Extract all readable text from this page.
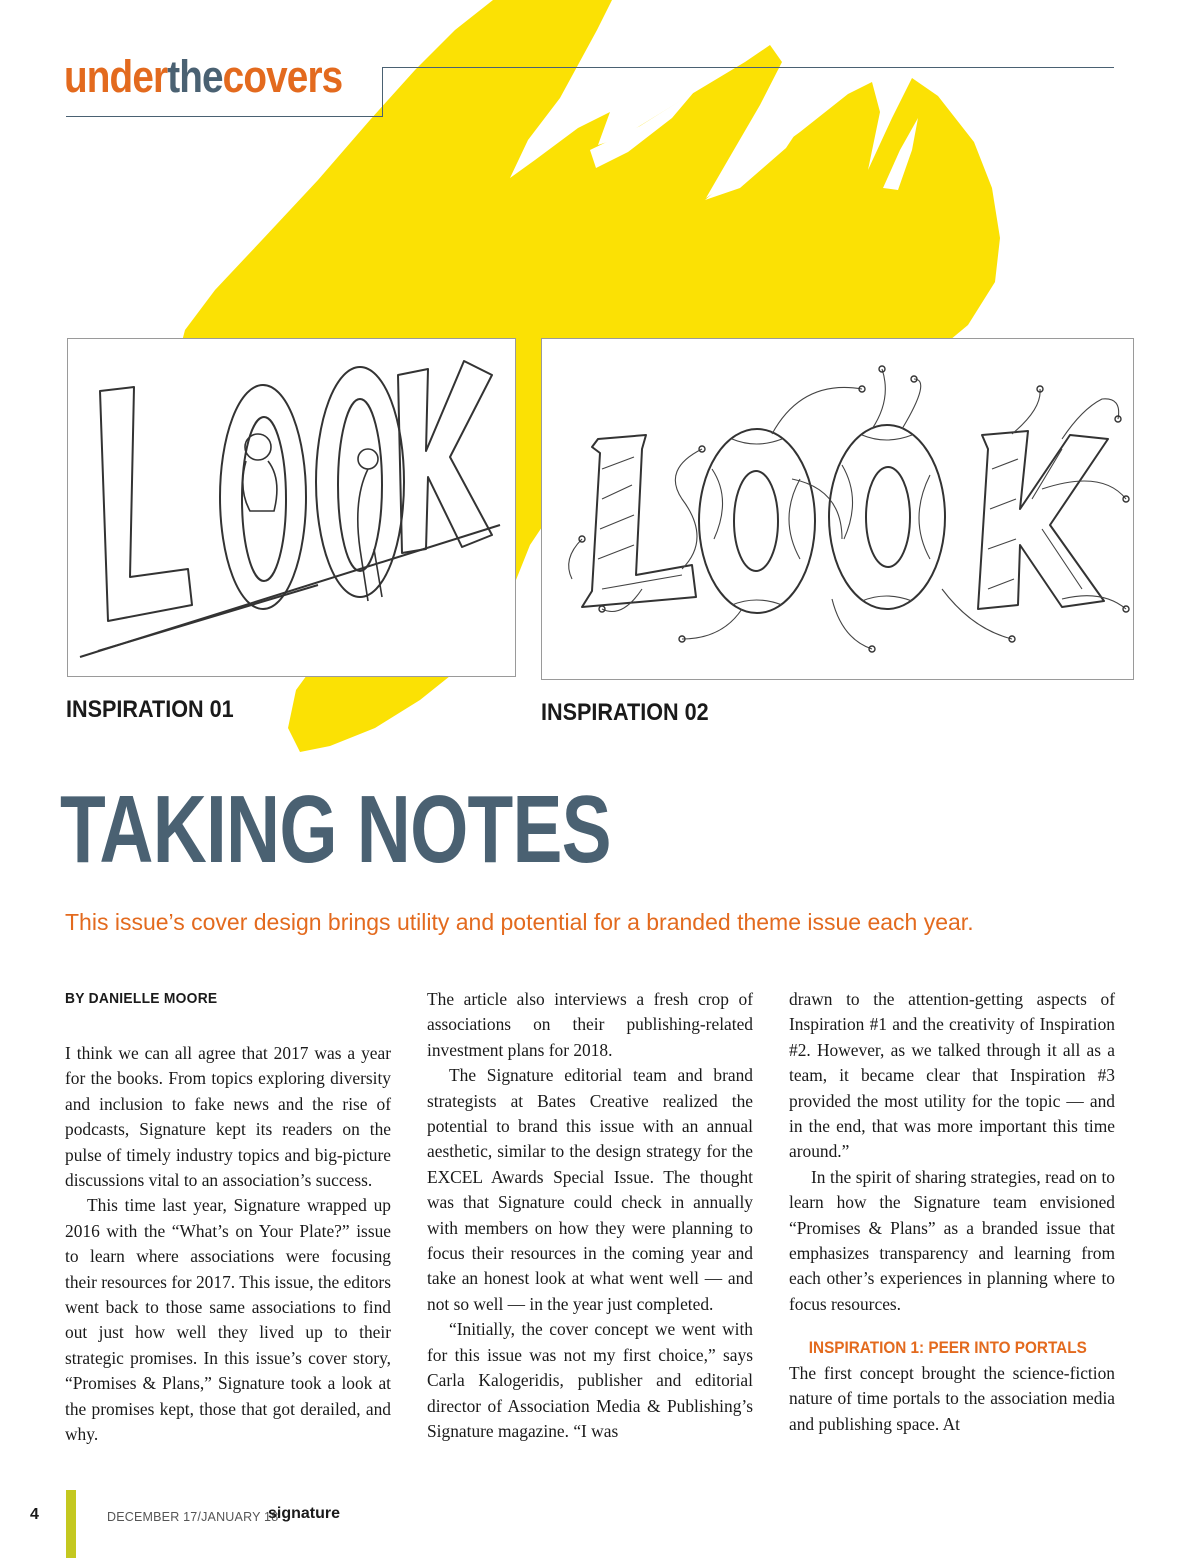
underthecovers
INSPIRATION 01	INSPIRATION 02
TAKING NOTES
This issue’s cover design brings utility and potential for a branded theme issue each year.
BY DANIELLE MOORE

I think we can all agree that 2017 was a year for the books. From topics exploring diversity and inclusion to fake news and the rise of podcasts, Signature kept its readers on the pulse of timely industry topics and big-picture discussions vital to an association’s success.

This time last year, Signature wrapped up 2016 with the “What’s on Your Plate?” issue to learn where associations were focusing their resources for 2017. This issue, the editors went back to those same associations to find out just how well they lived up to their strategic promises. In this issue’s cover story, “Promises & Plans,” Signature took a look at the promises kept, those that got derailed, and why.

The article also interviews a fresh crop of associations on their publishing-related investment plans for 2018.

The Signature editorial team and brand strategists at Bates Creative realized the potential to brand this issue with an annual aesthetic, similar to the design strategy for the EXCEL Awards Special Issue. The thought was that Signature could check in annually with members on how they were planning to focus their resources in the coming year and take an honest look at what went well — and not so well — in the year just completed.

“Initially, the cover concept we went with for this issue was not my first choice,” says Carla Kalogeridis, publisher and editorial director of Association Media & Publishing’s Signature magazine. “I was

drawn to the attention-getting aspects of Inspiration #1 and the creativity of Inspiration #2. However, as we talked through it all as a team, it became clear that Inspiration #3 provided the most utility for the topic — and in the end, that was more important this time around.”

In the spirit of sharing strategies, read on to learn how the Signature team envisioned “Promises & Plans” as a branded issue that emphasizes transparency and learning from each other’s experiences in planning where to focus resources.

INSPIRATION 1: PEER INTO PORTALS

The first concept brought the science-fiction nature of time portals to the association media and publishing space. At

4	DECEMBER 17/JANUARY 18
signature
